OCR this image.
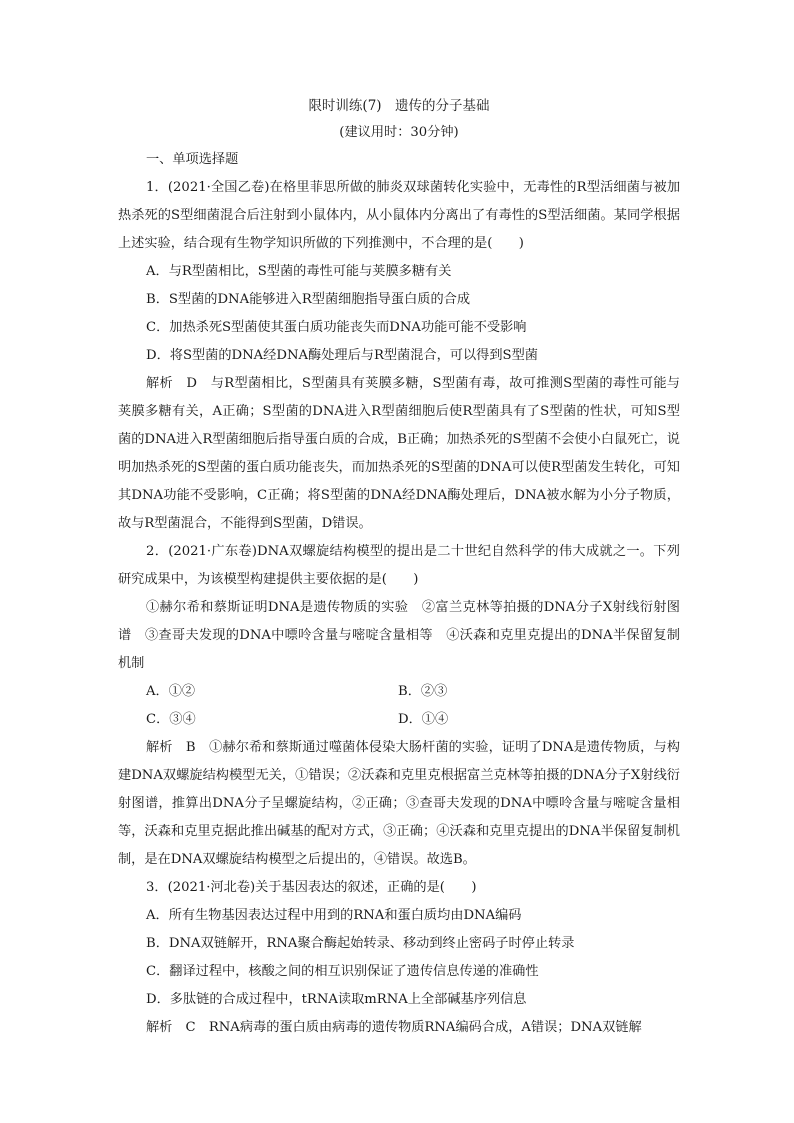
限时训练(7)　遗传的分子基础
(建议用时：30分钟)
一、单项选择题

1．(2021·全国乙卷)在格里菲思所做的肺炎双球菌转化实验中，无毒性的R型活细菌与被加热杀死的S型细菌混合后注射到小鼠体内，从小鼠体内分离出了有毒性的S型活细菌。某同学根据上述实验，结合现有生物学知识所做的下列推测中，不合理的是(　　)

A．与R型菌相比，S型菌的毒性可能与荚膜多糖有关

B．S型菌的DNA能够进入R型菌细胞指导蛋白质的合成

C．加热杀死S型菌使其蛋白质功能丧失而DNA功能可能不受影响

D．将S型菌的DNA经DNA酶处理后与R型菌混合，可以得到S型菌

解析　D　与R型菌相比，S型菌具有荚膜多糖，S型菌有毒，故可推测S型菌的毒性可能与荚膜多糖有关，A正确；S型菌的DNA进入R型菌细胞后使R型菌具有了S型菌的性状，可知S型菌的DNA进入R型菌细胞后指导蛋白质的合成，B正确；加热杀死的S型菌不会使小白鼠死亡，说明加热杀死的S型菌的蛋白质功能丧失，而加热杀死的S型菌的DNA可以使R型菌发生转化，可知其DNA功能不受影响，C正确；将S型菌的DNA经DNA酶处理后，DNA被水解为小分子物质，故与R型菌混合，不能得到S型菌，D错误。

2．(2021·广东卷)DNA双螺旋结构模型的提出是二十世纪自然科学的伟大成就之一。下列研究成果中，为该模型构建提供主要依据的是(　　)

①赫尔希和蔡斯证明DNA是遗传物质的实验　②富兰克林等拍摄的DNA分子X射线衍射图谱　③查哥夫发现的DNA中嘌呤含量与嘧啶含量相等　④沃森和克里克提出的DNA半保留复制机制

A．①②	B．②③
C．③④	D．①④

解析　B　①赫尔希和蔡斯通过噬菌体侵染大肠杆菌的实验，证明了DNA是遗传物质，与构建DNA双螺旋结构模型无关，①错误；②沃森和克里克根据富兰克林等拍摄的DNA分子X射线衍射图谱，推算出DNA分子呈螺旋结构，②正确；③查哥夫发现的DNA中嘌呤含量与嘧啶含量相等，沃森和克里克据此推出碱基的配对方式，③正确；④沃森和克里克提出的DNA半保留复制机制，是在DNA双螺旋结构模型之后提出的，④错误。故选B。

3．(2021·河北卷)关于基因表达的叙述，正确的是(　　)

A．所有生物基因表达过程中用到的RNA和蛋白质均由DNA编码

B．DNA双链解开，RNA聚合酶起始转录、移动到终止密码子时停止转录

C．翻译过程中，核酸之间的相互识别保证了遗传信息传递的准确性

D．多肽链的合成过程中，tRNA读取mRNA上全部碱基序列信息

解析　C　RNA病毒的蛋白质由病毒的遗传物质RNA编码合成，A错误；DNA双链解
